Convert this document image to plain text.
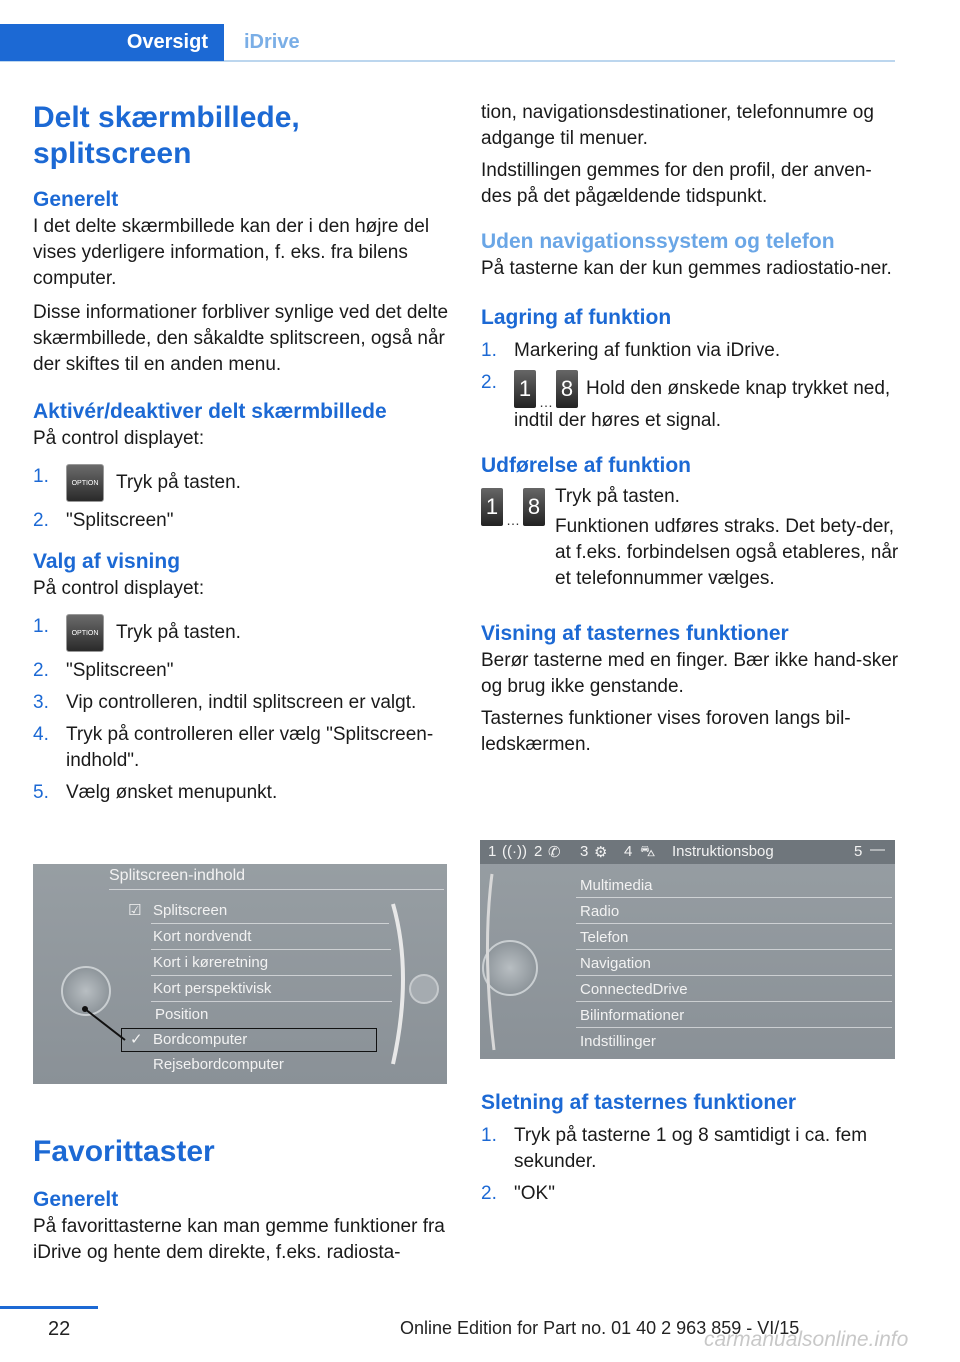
Oversigt	iDrive
Delt skærmbillede, splitscreen
Generelt

I det delte skærmbillede kan der i den højre del vises yderligere information, f. eks. fra bilens computer.

Disse informationer forbliver synlige ved det delte skærmbillede, den såkaldte splitscreen, også når der skiftes til en anden menu.

Aktivér/deaktiver delt skærmbillede

På control displayet:

1.	OPTION Tryk på tasten.
2. "Splitscreen"
Valg af visning

På control displayet:

1.	OPTION Tryk på tasten.
2. "Splitscreen"
3. Vip controlleren, indtil splitscreen er valgt.
4. Tryk på controlleren eller vælg "Splitscreen-indhold".
5. Vælg ønsket menupunkt.
Splitscreen-indhold
☑ Splitscreen
Kort nordvendt
Kort i køreretning
Kort perspektivisk
Position
✓ Bordcomputer
Rejsebordcomputer
Favorittaster
Generelt

På favorittasterne kan man gemme funktioner fra iDrive og hente dem direkte, f.eks. radiosta-

tion, navigationsdestinationer, telefonnumre og adgange til menuer.

Indstillingen gemmes for den profil, der anven-des på det pågældende tidspunkt.

Uden navigationssystem og telefon

På tasterne kan der kun gemmes radiostatio-ner.

Lagring af funktion
1. Markering af funktion via iDrive.
2. 1
…
8 Hold den ønskede knap trykket ned, indtil der høres et signal.
Udførelse af funktion
1
…
8 Tryk på tasten.

Funktionen udføres straks. Det bety-der, at f.eks. forbindelsen også etableres, når et telefonnummer vælges.

Visning af tasternes funktioner

Berør tasterne med en finger. Bær ikke hand-sker og brug ikke genstande.

Tasternes funktioner vises foroven langs bil-ledskærmen.

1 ((·)) 2 ✆ 3 ⚙ 4 ⛍ Instruktionsbog	5 —
Multimedia
Radio
Telefon
Navigation
ConnectedDrive
Bilinformationer
Indstillinger
Sletning af tasternes funktioner
1. Tryk på tasterne 1 og 8 samtidigt i ca. fem sekunder.
2. "OK"
22	Online Edition for Part no. 01 40 2 963 859 - VI/15
carmanualsonline.info
